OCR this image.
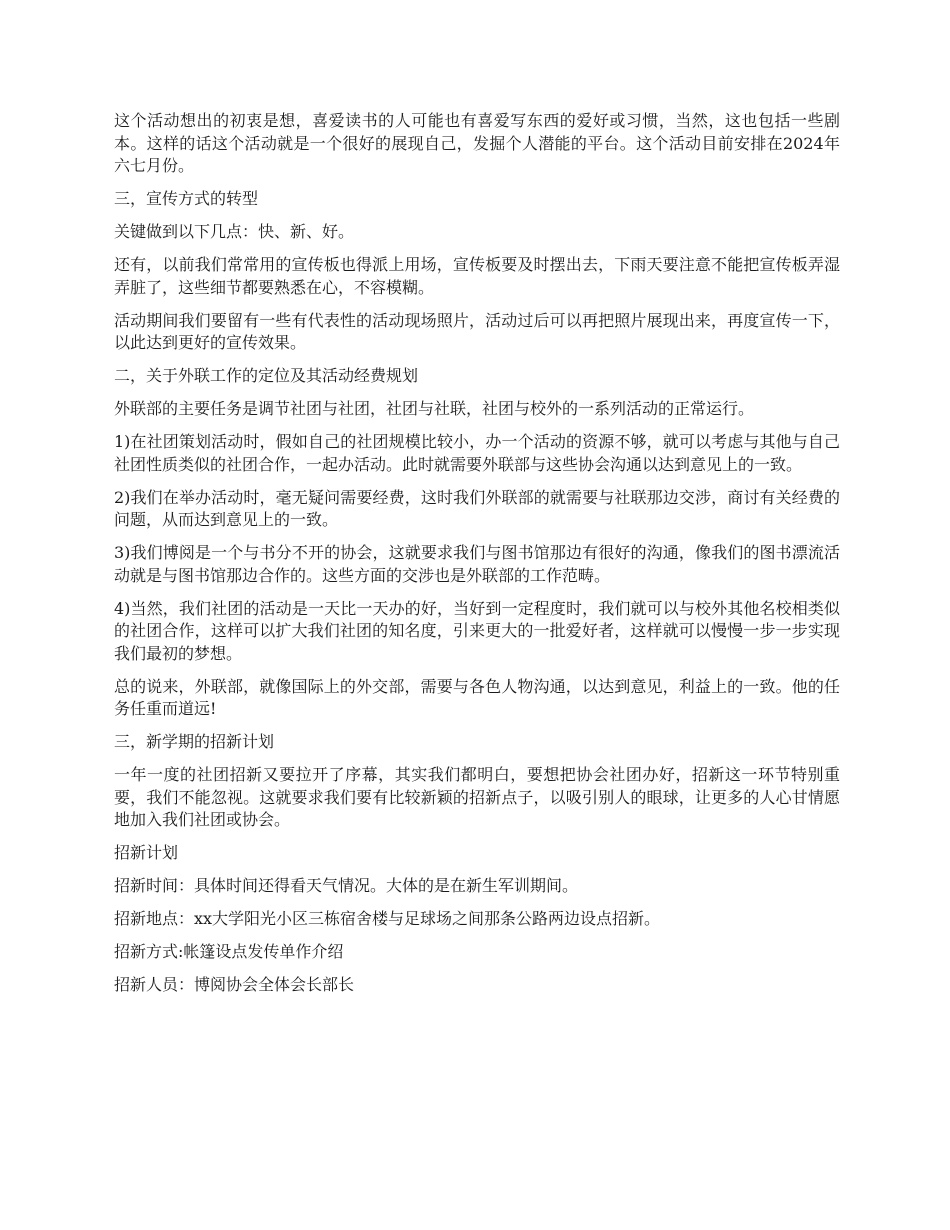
这个活动想出的初衷是想，喜爱读书的人可能也有喜爱写东西的爱好或习惯，当然，这也包括一些剧本。这样的话这个活动就是一个很好的展现自己，发掘个人潜能的平台。这个活动目前安排在2024年六七月份。

三，宣传方式的转型

关键做到以下几点：快、新、好。

还有，以前我们常常用的宣传板也得派上用场，宣传板要及时摆出去，下雨天要注意不能把宣传板弄湿弄脏了，这些细节都要熟悉在心，不容模糊。

活动期间我们要留有一些有代表性的活动现场照片，活动过后可以再把照片展现出来，再度宣传一下，以此达到更好的宣传效果。

二，关于外联工作的定位及其活动经费规划

外联部的主要任务是调节社团与社团，社团与社联，社团与校外的一系列活动的正常运行。

1)在社团策划活动时，假如自己的社团规模比较小，办一个活动的资源不够，就可以考虑与其他与自己社团性质类似的社团合作，一起办活动。此时就需要外联部与这些协会沟通以达到意见上的一致。

2)我们在举办活动时，毫无疑问需要经费，这时我们外联部的就需要与社联那边交涉，商讨有关经费的问题，从而达到意见上的一致。

3)我们博阅是一个与书分不开的协会，这就要求我们与图书馆那边有很好的沟通，像我们的图书漂流活动就是与图书馆那边合作的。这些方面的交涉也是外联部的工作范畴。

4)当然，我们社团的活动是一天比一天办的好，当好到一定程度时，我们就可以与校外其他名校相类似的社团合作，这样可以扩大我们社团的知名度，引来更大的一批爱好者，这样就可以慢慢一步一步实现我们最初的梦想。

总的说来，外联部，就像国际上的外交部，需要与各色人物沟通，以达到意见，利益上的一致。他的任务任重而道远!

三，新学期的招新计划

一年一度的社团招新又要拉开了序幕，其实我们都明白，要想把协会社团办好，招新这一环节特别重要，我们不能忽视。这就要求我们要有比较新颖的招新点子，以吸引别人的眼球，让更多的人心甘情愿地加入我们社团或协会。

招新计划

招新时间：具体时间还得看天气情况。大体的是在新生军训期间。

招新地点：xx大学阳光小区三栋宿舍楼与足球场之间那条公路两边设点招新。

招新方式:帐篷设点发传单作介绍

招新人员：博阅协会全体会长部长
